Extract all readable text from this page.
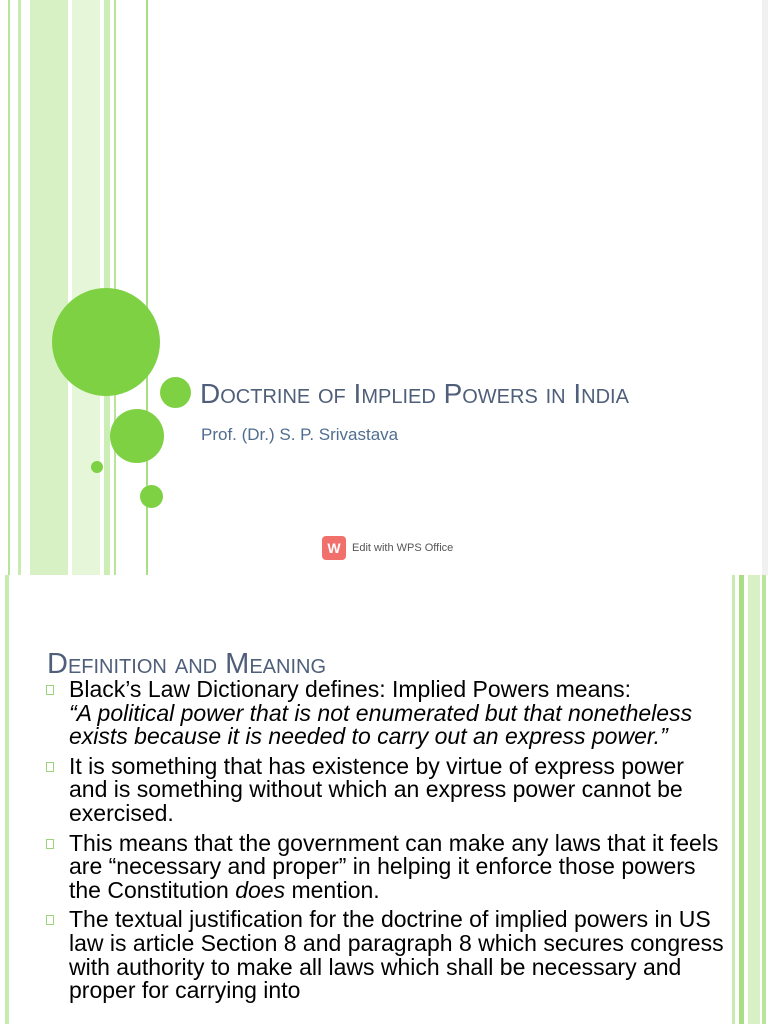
Doctrine of Implied Powers in India
Prof. (Dr.) S. P. Srivastava
W	Edit with WPS Office
Definition and Meaning
Black’s Law Dictionary defines: Implied Powers means:
“A political power that is not enumerated but that nonetheless exists because it is needed to carry out an express power.”
It is something that has existence by virtue of express power and is something without which an express power cannot be exercised.
This means that the government can make any laws that it feels are “necessary and proper” in helping it enforce those powers the Constitution does mention.
The textual justification for the doctrine of implied powers in US law is article Section 8 and paragraph 8 which secures congress with authority to make all laws which shall be necessary and proper for carrying into
